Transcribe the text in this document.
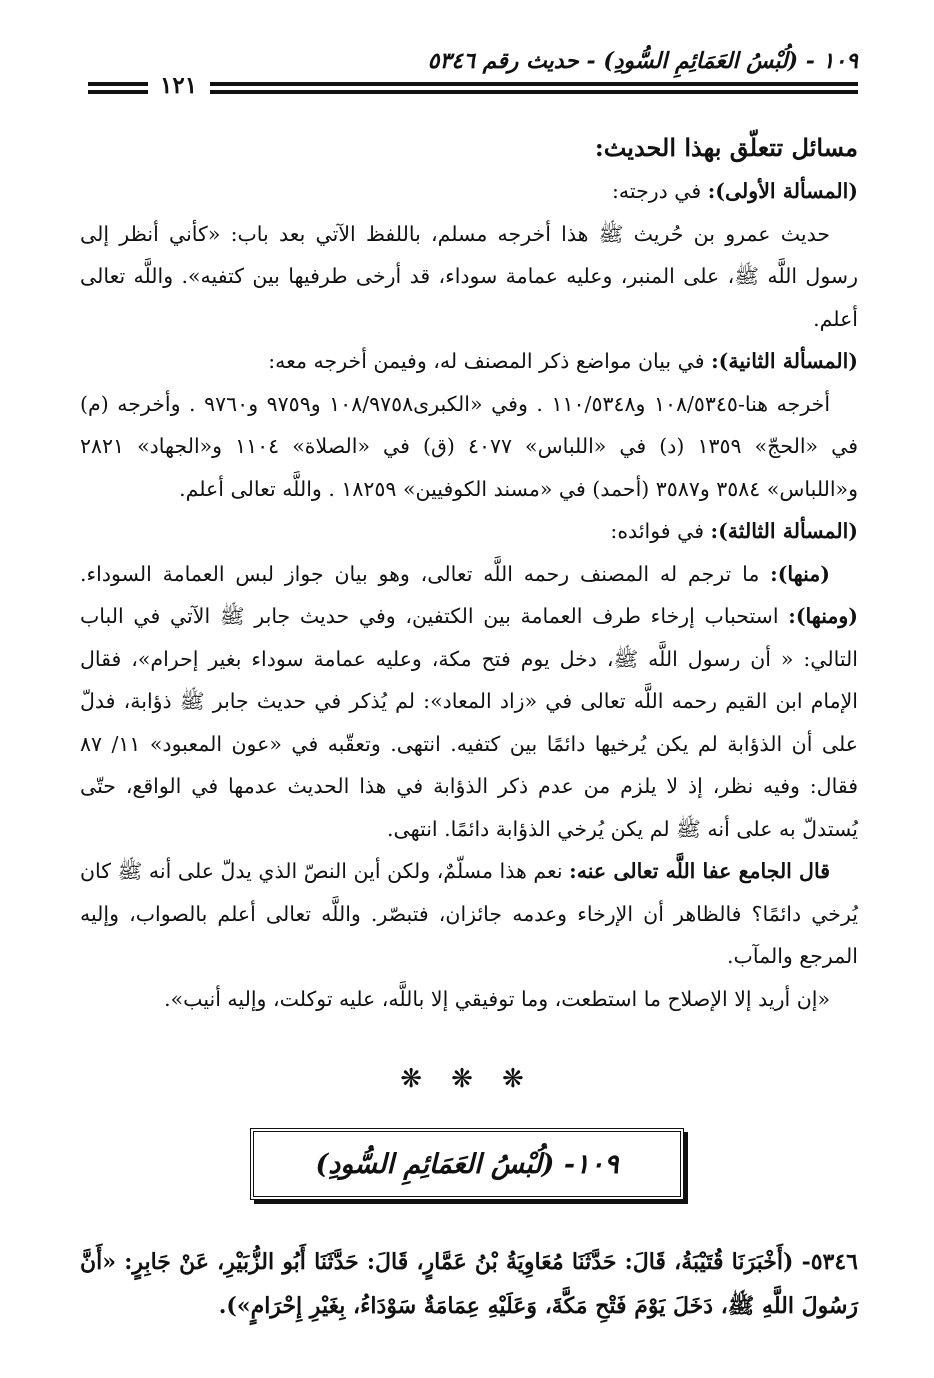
١٠٩ - (لُبْسُ العَمَائِمِ السُّودِ) - حديث رقم ٥٣٤٦
١٢١

مسائل تتعلّق بهذا الحديث:

(المسألة الأولى): في درجته:

حديث عمرو بن حُريث ﷺ هذا أخرجه مسلم، باللفظ الآتي بعد باب: «كأني أنظر إلى رسول اللَّه ﷺ، على المنبر، وعليه عمامة سوداء، قد أرخى طرفيها بين كتفيه». واللَّه تعالى أعلم.

(المسألة الثانية): في بيان مواضع ذكر المصنف له، وفيمن أخرجه معه:

أخرجه هنا-١٠٨/٥٣٤٥ و١١٠/٥٣٤٨ . وفي «الكبرى١٠٨/٩٧٥٨ و٩٧٥٩ و٩٧٦٠ . وأخرجه (م) في «الحجّ» ١٣٥٩ (د) في «اللباس» ٤٠٧٧ (ق) في «الصلاة» ١١٠٤ و«الجهاد» ٢٨٢١ و«اللباس» ٣٥٨٤ و٣٥٨٧ (أحمد) في «مسند الكوفيين» ١٨٢٥٩ . واللَّه تعالى أعلم.

(المسألة الثالثة): في فوائده:

(منها): ما ترجم له المصنف رحمه اللَّه تعالى، وهو بيان جواز لبس العمامة السوداء. (ومنها): استحباب إرخاء طرف العمامة بين الكتفين، وفي حديث جابر ﷺ الآتي في الباب التالي: « أن رسول اللَّه ﷺ، دخل يوم فتح مكة، وعليه عمامة سوداء بغير إحرام»، فقال الإمام ابن القيم رحمه اللَّه تعالى في «زاد المعاد»: لم يُذكر في حديث جابر ﷺ ذؤابة، فدلّ على أن الذؤابة لم يكن يُرخيها دائمًا بين كتفيه. انتهى. وتعقّبه في «عون المعبود» ١١/ ٨٧ فقال: وفيه نظر، إذ لا يلزم من عدم ذكر الذؤابة في هذا الحديث عدمها في الواقع، حتّى يُستدلّ به على أنه ﷺ لم يكن يُرخي الذؤابة دائمًا. انتهى.

قال الجامع عفا اللَّه تعالى عنه: نعم هذا مسلّمٌ، ولكن أين النصّ الذي يدلّ على أنه ﷺ كان يُرخي دائمًا؟ فالظاهر أن الإرخاء وعدمه جائزان، فتبصّر. واللَّه تعالى أعلم بالصواب، وإليه المرجع والمآب.

«إن أريد إلا الإصلاح ما استطعت، وما توفيقي إلا باللَّه، عليه توكلت، وإليه أنيب».

❋ ❋ ❋
١٠٩- (لُبْسُ العَمَائِمِ السُّودِ)

٥٣٤٦- (أَخْبَرَنَا قُتَيْبَةُ، قَالَ: حَدَّثَنَا مُعَاوِيَةُ بْنُ عَمَّارٍ، قَالَ: حَدَّثَنَا أَبُو الزُّبَيْرِ، عَنْ جَابِرٍ: «أَنَّ رَسُولَ اللَّهِ ﷺ، دَخَلَ يَوْمَ فَتْحِ مَكَّةَ، وَعَلَيْهِ عِمَامَةٌ سَوْدَاءُ، بِغَيْرِ إِحْرَامٍ»).
